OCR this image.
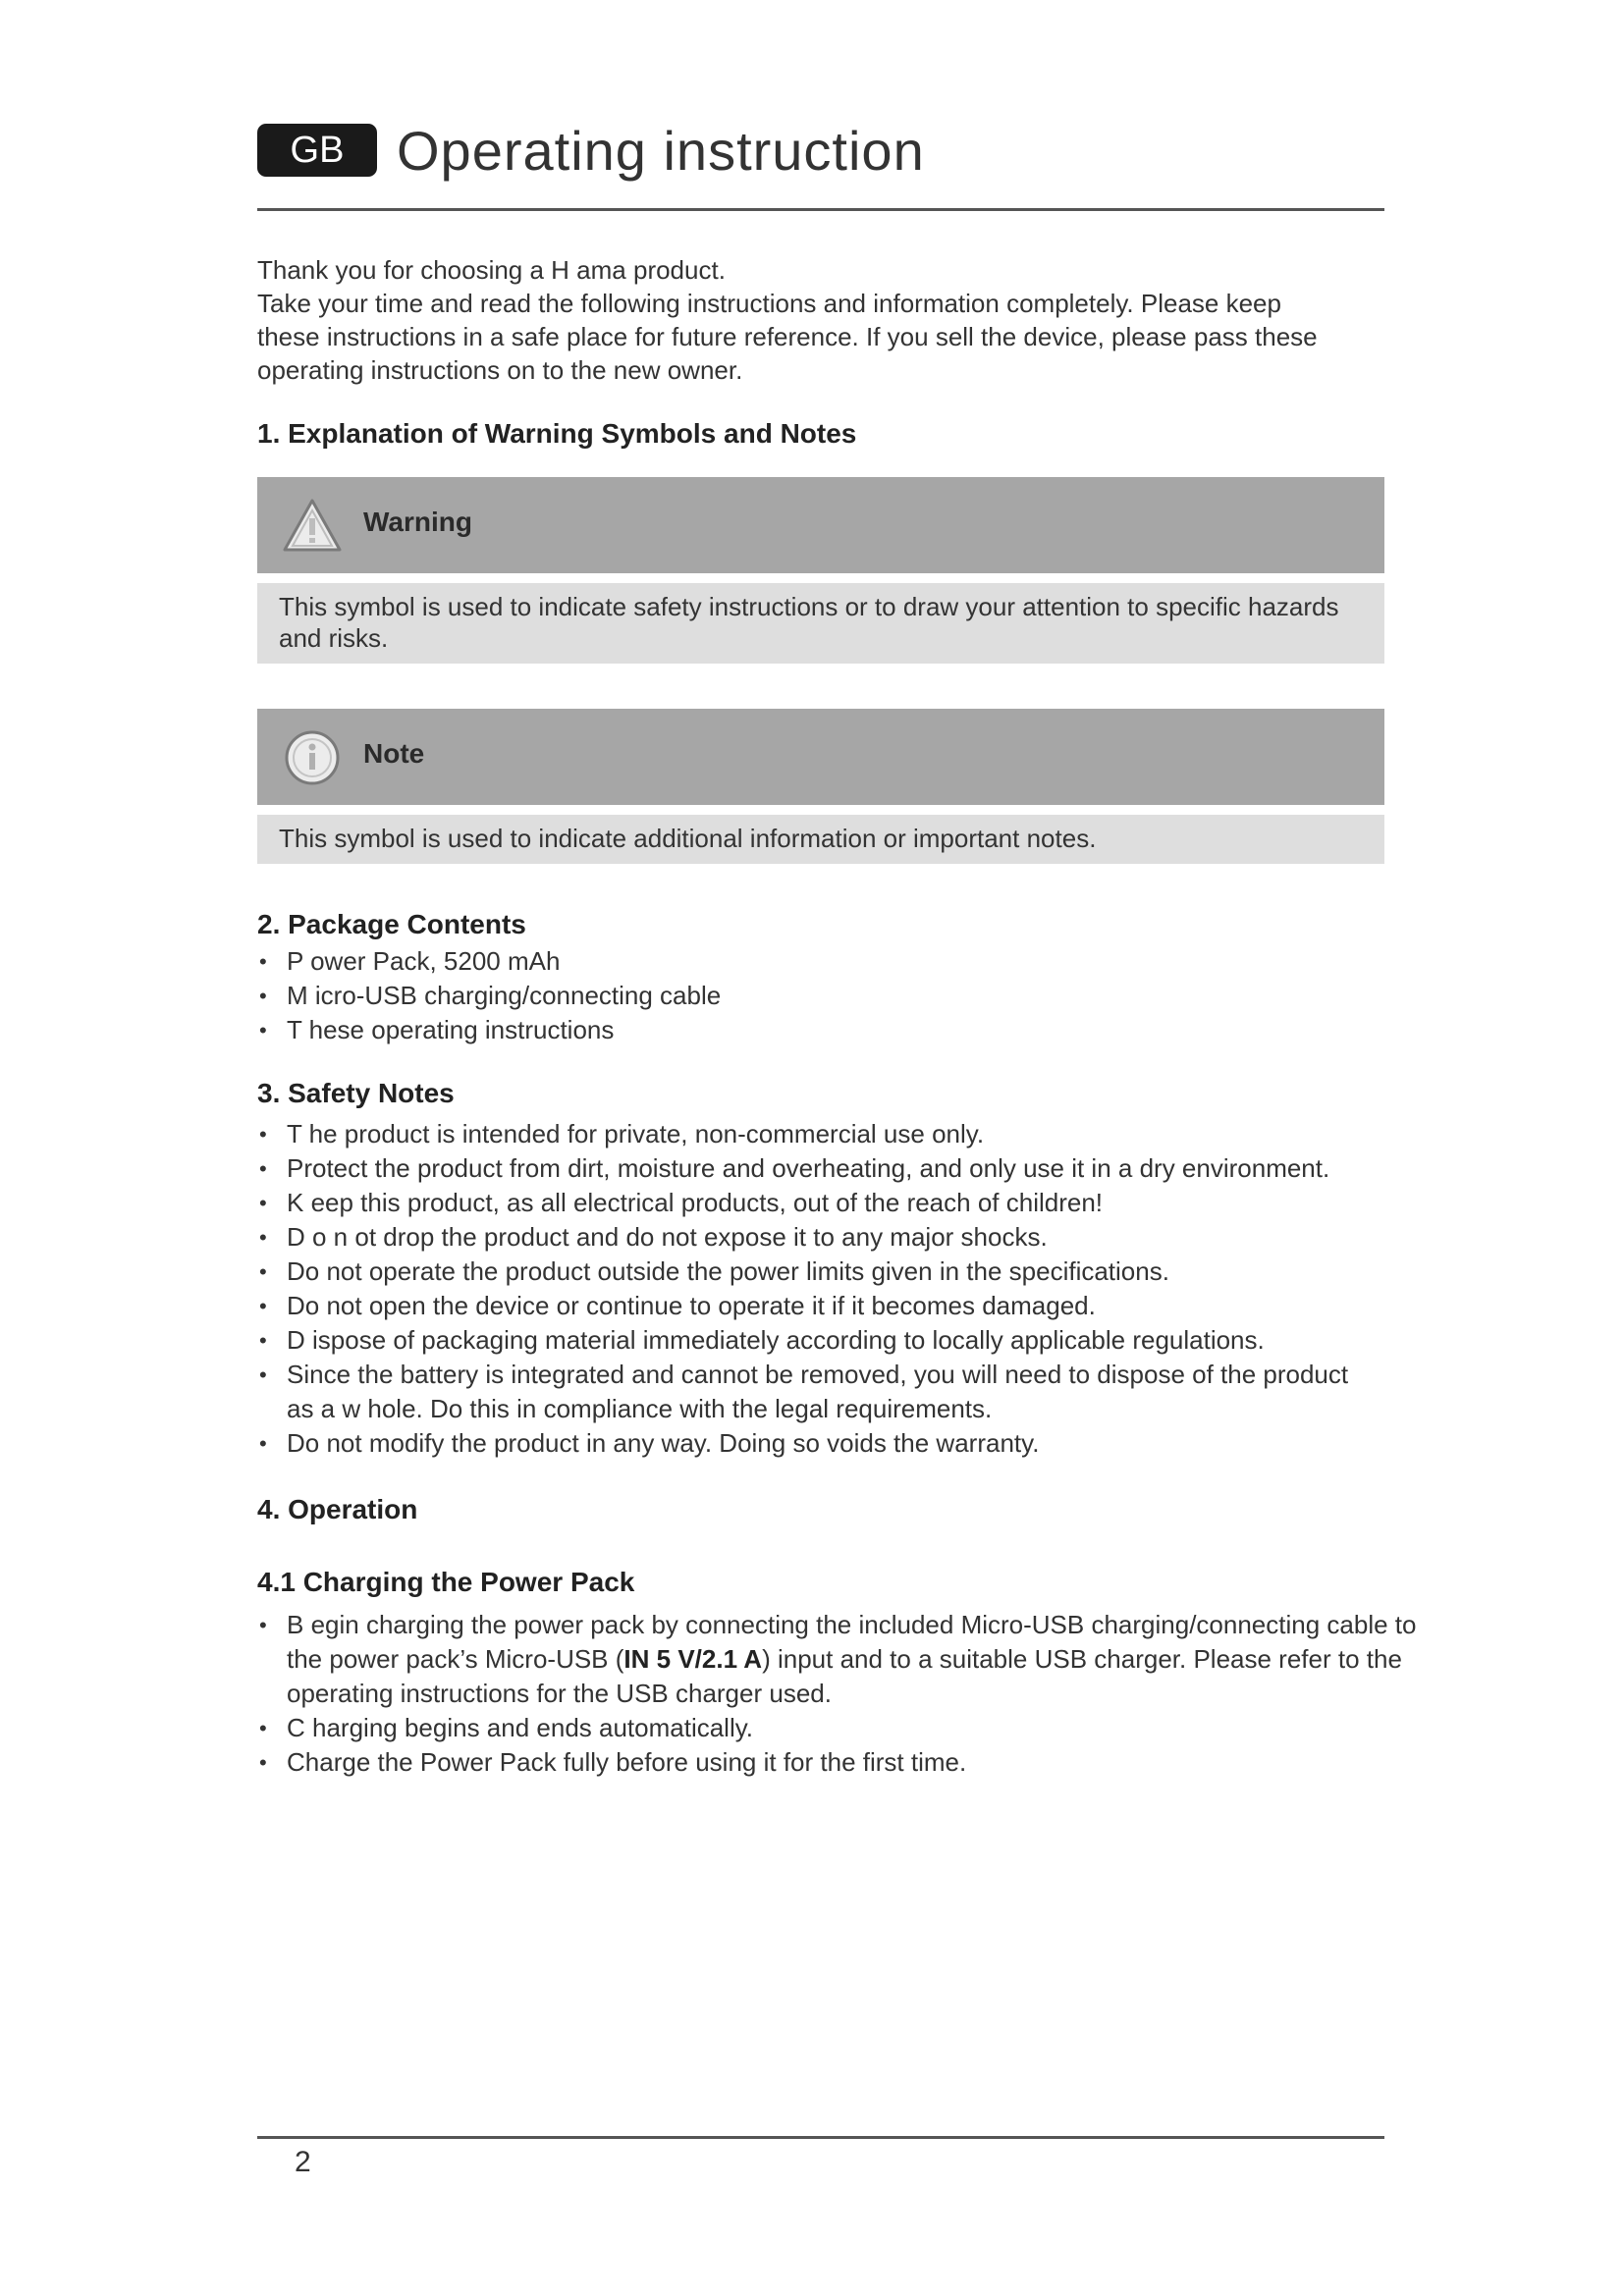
GB Operating instruction

Thank you for choosing a H ama product.

Take your time and read the following instructions and information completely. Please keep these instructions in a safe place for future reference. If you sell the device, please pass these operating instructions on to the new owner.

1. Explanation of Warning Symbols and Notes
Warning
This symbol is used to indicate safety instructions or to draw your attention to specific hazards and risks.
Note
This symbol is used to indicate additional information or important notes.
2. Package Contents
• P ower Pack, 5200 mAh
• M icro-USB charging/connecting cable
• T hese operating instructions
3. Safety Notes
• T he product is intended for private, non-commercial use only.
• Protect the product from dirt, moisture and overheating, and only use it in a dry environment.
• K eep this product, as all electrical products, out of the reach of children!
• D o n ot drop the product and do not expose it to any major shocks.
• Do not operate the product outside the power limits given in the specifications.
• Do not open the device or continue to operate it if it becomes damaged.
• D ispose of packaging material immediately according to locally applicable regulations.
• Since the battery is integrated and cannot be removed, you will need to dispose of the product as a w hole. Do this in compliance with the legal requirements.
• Do not modify the product in any way. Doing so voids the warranty.
4. Operation
4.1 Charging the Power Pack
• B egin charging the power pack by connecting the included Micro-USB charging/connecting cable to the power pack’s Micro-USB (IN 5 V/2.1 A) input and to a suitable USB charger. Please refer to the operating instructions for the USB charger used.
• C harging begins and ends automatically.
• Charge the Power Pack fully before using it for the first time.
2
